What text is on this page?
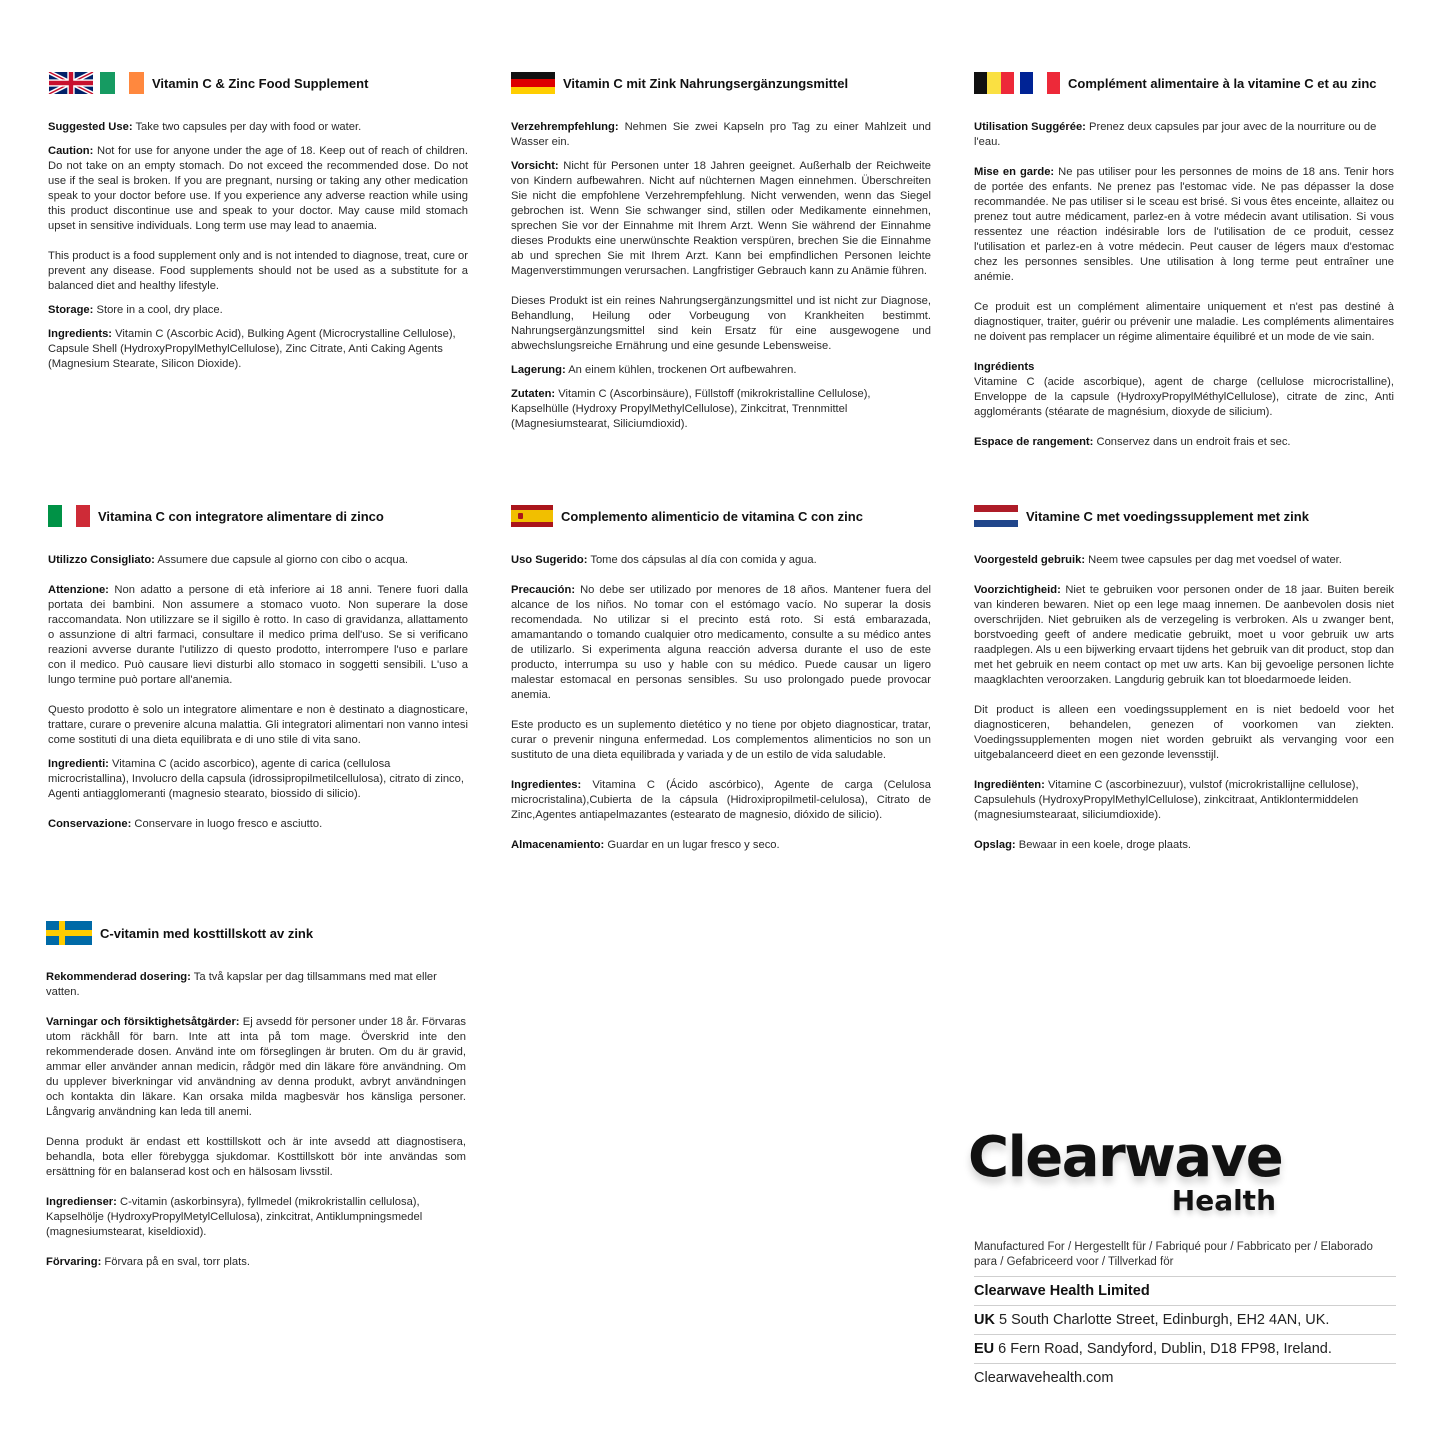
Vitamin C & Zinc Food Supplement

Suggested Use: Take two capsules per day with food or water.

Caution: Not for use for anyone under the age of 18. Keep out of reach of children. Do not take on an empty stomach. Do not exceed the recommended dose. Do not use if the seal is broken. If you are pregnant, nursing or taking any other medication speak to your doctor before use. If you experience any adverse reaction while using this product discontinue use and speak to your doctor. May cause mild stomach upset in sensitive individuals. Long term use may lead to anaemia.

This product is a food supplement only and is not intended to diagnose, treat, cure or prevent any disease. Food supplements should not be used as a substitute for a balanced diet and healthy lifestyle.

Storage: Store in a cool, dry place.

Ingredients: Vitamin C (Ascorbic Acid), Bulking Agent (Microcrystalline Cellulose), Capsule Shell (HydroxyPropylMethylCellulose), Zinc Citrate, Anti Caking Agents (Magnesium Stearate, Silicon Dioxide).

Vitamin C mit Zink Nahrungsergänzungsmittel

Verzehrempfehlung: Nehmen Sie zwei Kapseln pro Tag zu einer Mahlzeit und Wasser ein.

Vorsicht: Nicht für Personen unter 18 Jahren geeignet. Außerhalb der Reichweite von Kindern aufbewahren. Nicht auf nüchternen Magen einnehmen. Überschreiten Sie nicht die empfohlene Verzehrempfehlung. Nicht verwenden, wenn das Siegel gebrochen ist. Wenn Sie schwanger sind, stillen oder Medikamente einnehmen, sprechen Sie vor der Einnahme mit Ihrem Arzt. Wenn Sie während der Einnahme dieses Produkts eine unerwünschte Reaktion verspüren, brechen Sie die Einnahme ab und sprechen Sie mit Ihrem Arzt. Kann bei empfindlichen Personen leichte Magenverstimmungen verursachen. Langfristiger Gebrauch kann zu Anämie führen.

Dieses Produkt ist ein reines Nahrungsergänzungsmittel und ist nicht zur Diagnose, Behandlung, Heilung oder Vorbeugung von Krankheiten bestimmt. Nahrungsergänzungsmittel sind kein Ersatz für eine ausgewogene und abwechslungsreiche Ernährung und eine gesunde Lebensweise.

Lagerung: An einem kühlen, trockenen Ort aufbewahren.

Zutaten: Vitamin C (Ascorbinsäure), Füllstoff (mikrokristalline Cellulose), Kapselhülle (Hydroxy PropylMethylCellulose), Zinkcitrat, Trennmittel (Magnesiumstearat, Siliciumdioxid).

Complément alimentaire à la vitamine C et au zinc

Utilisation Suggérée: Prenez deux capsules par jour avec de la nourriture ou de l'eau.

Mise en garde: Ne pas utiliser pour les personnes de moins de 18 ans. Tenir hors de portée des enfants. Ne prenez pas l'estomac vide. Ne pas dépasser la dose recommandée. Ne pas utiliser si le sceau est brisé. Si vous êtes enceinte, allaitez ou prenez tout autre médicament, parlez-en à votre médecin avant utilisation. Si vous ressentez une réaction indésirable lors de l'utilisation de ce produit, cessez l'utilisation et parlez-en à votre médecin. Peut causer de légers maux d'estomac chez les personnes sensibles. Une utilisation à long terme peut entraîner une anémie.

Ce produit est un complément alimentaire uniquement et n'est pas destiné à diagnostiquer, traiter, guérir ou prévenir une maladie. Les compléments alimentaires ne doivent pas remplacer un régime alimentaire équilibré et un mode de vie sain.

Ingrédients
Vitamine C (acide ascorbique), agent de charge (cellulose microcristalline), Enveloppe de la capsule (HydroxyPropylMéthylCellulose), citrate de zinc, Anti agglomérants (stéarate de magnésium, dioxyde de silicium).

Espace de rangement: Conservez dans un endroit frais et sec.

Vitamina C con integratore alimentare di zinco

Utilizzo Consigliato: Assumere due capsule al giorno con cibo o acqua.

Attenzione: Non adatto a persone di età inferiore ai 18 anni. Tenere fuori dalla portata dei bambini. Non assumere a stomaco vuoto. Non superare la dose raccomandata. Non utilizzare se il sigillo è rotto. In caso di gravidanza, allattamento o assunzione di altri farmaci, consultare il medico prima dell'uso. Se si verificano reazioni avverse durante l'utilizzo di questo prodotto, interrompere l'uso e parlare con il medico. Può causare lievi disturbi allo stomaco in soggetti sensibili. L'uso a lungo termine può portare all'anemia.

Questo prodotto è solo un integratore alimentare e non è destinato a diagnosticare, trattare, curare o prevenire alcuna malattia. Gli integratori alimentari non vanno intesi come sostituti di una dieta equilibrata e di uno stile di vita sano.

Ingredienti: Vitamina C (acido ascorbico), agente di carica (cellulosa microcristallina), Involucro della capsula (idrossipropilmetilcellulosa), citrato di zinco, Agenti antiagglomeranti (magnesio stearato, biossido di silicio).

Conservazione: Conservare in luogo fresco e asciutto.

Complemento alimenticio de vitamina C con zinc

Uso Sugerido: Tome dos cápsulas al día con comida y agua.

Precaución: No debe ser utilizado por menores de 18 años. Mantener fuera del alcance de los niños. No tomar con el estómago vacío. No superar la dosis recomendada. No utilizar si el precinto está roto. Si está embarazada, amamantando o tomando cualquier otro medicamento, consulte a su médico antes de utilizarlo. Si experimenta alguna reacción adversa durante el uso de este producto, interrumpa su uso y hable con su médico. Puede causar un ligero malestar estomacal en personas sensibles. Su uso prolongado puede provocar anemia.

Este producto es un suplemento dietético y no tiene por objeto diagnosticar, tratar, curar o prevenir ninguna enfermedad. Los complementos alimenticios no son un sustituto de una dieta equilibrada y variada y de un estilo de vida saludable.

Ingredientes: Vitamina C (Ácido ascórbico), Agente de carga (Celulosa microcristalina),Cubierta de la cápsula (Hidroxipropilmetil-celulosa), Citrato de Zinc,Agentes antiapelmazantes (estearato de magnesio, dióxido de silicio).

Almacenamiento: Guardar en un lugar fresco y seco.

Vitamine C met voedingssupplement met zink

Voorgesteld gebruik: Neem twee capsules per dag met voedsel of water.

Voorzichtigheid: Niet te gebruiken voor personen onder de 18 jaar. Buiten bereik van kinderen bewaren. Niet op een lege maag innemen. De aanbevolen dosis niet overschrijden. Niet gebruiken als de verzegeling is verbroken. Als u zwanger bent, borstvoeding geeft of andere medicatie gebruikt, moet u voor gebruik uw arts raadplegen. Als u een bijwerking ervaart tijdens het gebruik van dit product, stop dan met het gebruik en neem contact op met uw arts. Kan bij gevoelige personen lichte maagklachten veroorzaken. Langdurig gebruik kan tot bloedarmoede leiden.

Dit product is alleen een voedingssupplement en is niet bedoeld voor het diagnosticeren, behandelen, genezen of voorkomen van ziekten. Voedingssupplementen mogen niet worden gebruikt als vervanging voor een uitgebalanceerd dieet en een gezonde levensstijl.

Ingrediënten: Vitamine C (ascorbinezuur), vulstof (microkristallijne cellulose), Capsulehuls (HydroxyPropylMethylCellulose), zinkcitraat, Antiklontermiddelen (magnesiumstearaat, siliciumdioxide).

Opslag: Bewaar in een koele, droge plaats.

C-vitamin med kosttillskott av zink

Rekommenderad dosering: Ta två kapslar per dag tillsammans med mat eller vatten.

Varningar och försiktighetsåtgärder: Ej avsedd för personer under 18 år. Förvaras utom räckhåll för barn. Inte att inta på tom mage. Överskrid inte den rekommenderade dosen. Använd inte om förseglingen är bruten. Om du är gravid, ammar eller använder annan medicin, rådgör med din läkare före användning. Om du upplever biverkningar vid användning av denna produkt, avbryt användningen och kontakta din läkare. Kan orsaka milda magbesvär hos känsliga personer. Långvarig användning kan leda till anemi.

Denna produkt är endast ett kosttillskott och är inte avsedd att diagnostisera, behandla, bota eller förebygga sjukdomar. Kosttillskott bör inte användas som ersättning för en balanserad kost och en hälsosam livsstil.

Ingredienser: C-vitamin (askorbinsyra), fyllmedel (mikrokristallin cellulosa), Kapselhölje (HydroxyPropylMetylCellulosa), zinkcitrat, Antiklumpningsmedel (magnesiumstearat, kiseldioxid).

Förvaring: Förvara på en sval, torr plats.

Clearwave
Health

Manufactured For / Hergestellt für / Fabriqué pour / Fabbricato per / Elaborado para / Gefabriceerd voor / Tillverkad för

Clearwave Health Limited
UK 5 South Charlotte Street, Edinburgh, EH2 4AN, UK.
EU 6 Fern Road, Sandyford, Dublin, D18 FP98, Ireland.
Clearwavehealth.com
